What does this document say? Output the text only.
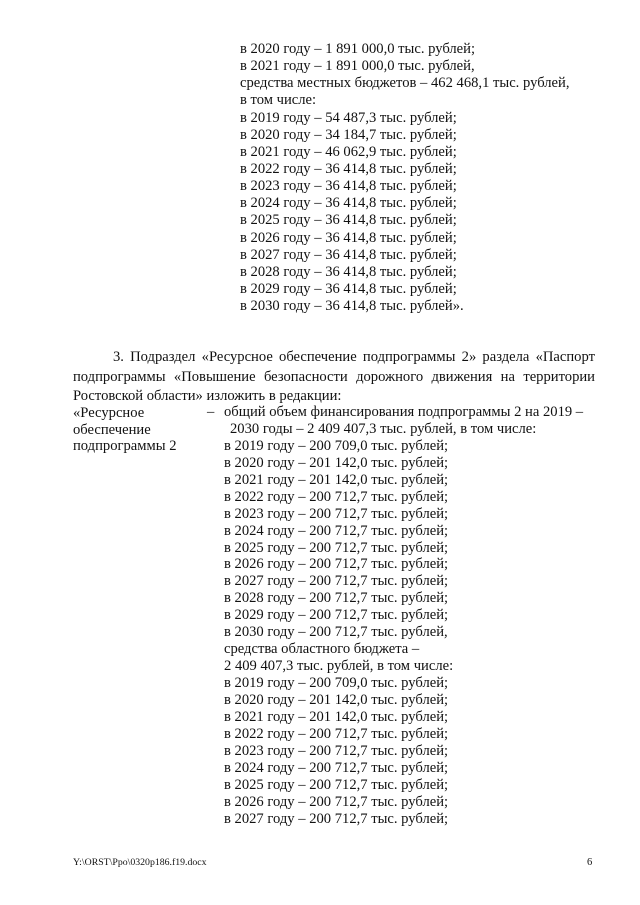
в 2020 году – 1 891 000,0 тыс. рублей;
в 2021 году – 1 891 000,0 тыс. рублей,
средства местных бюджетов – 462 468,1 тыс. рублей,
в том числе:
в 2019 году – 54 487,3 тыс. рублей;
в 2020 году – 34 184,7 тыс. рублей;
в 2021 году – 46 062,9 тыс. рублей;
в 2022 году – 36 414,8 тыс. рублей;
в 2023 году – 36 414,8 тыс. рублей;
в 2024 году – 36 414,8 тыс. рублей;
в 2025 году – 36 414,8 тыс. рублей;
в 2026 году – 36 414,8 тыс. рублей;
в 2027 году – 36 414,8 тыс. рублей;
в 2028 году – 36 414,8 тыс. рублей;
в 2029 году – 36 414,8 тыс. рублей;
в 2030 году – 36 414,8 тыс. рублей».
3. Подраздел «Ресурсное обеспечение подпрограммы 2» раздела «Паспорт
подпрограммы «Повышение безопасности дорожного движения на территории
Ростовской области» изложить в редакции:
«Ресурсное
обеспечение
подпрограммы 2
– общий объем финансирования подпрограммы 2 на 2019 –
2030 годы – 2 409 407,3 тыс. рублей, в том числе:
в 2019 году – 200 709,0 тыс. рублей;
в 2020 году – 201 142,0 тыс. рублей;
в 2021 году – 201 142,0 тыс. рублей;
в 2022 году – 200 712,7 тыс. рублей;
в 2023 году – 200 712,7 тыс. рублей;
в 2024 году – 200 712,7 тыс. рублей;
в 2025 году – 200 712,7 тыс. рублей;
в 2026 году – 200 712,7 тыс. рублей;
в 2027 году – 200 712,7 тыс. рублей;
в 2028 году – 200 712,7 тыс. рублей;
в 2029 году – 200 712,7 тыс. рублей;
в 2030 году – 200 712,7 тыс. рублей,
средства областного бюджета –
2 409 407,3 тыс. рублей, в том числе:
в 2019 году – 200 709,0 тыс. рублей;
в 2020 году – 201 142,0 тыс. рублей;
в 2021 году – 201 142,0 тыс. рублей;
в 2022 году – 200 712,7 тыс. рублей;
в 2023 году – 200 712,7 тыс. рублей;
в 2024 году – 200 712,7 тыс. рублей;
в 2025 году – 200 712,7 тыс. рублей;
в 2026 году – 200 712,7 тыс. рублей;
в 2027 году – 200 712,7 тыс. рублей;
Y:\ORST\Ppo\0320p186.f19.docx	6
